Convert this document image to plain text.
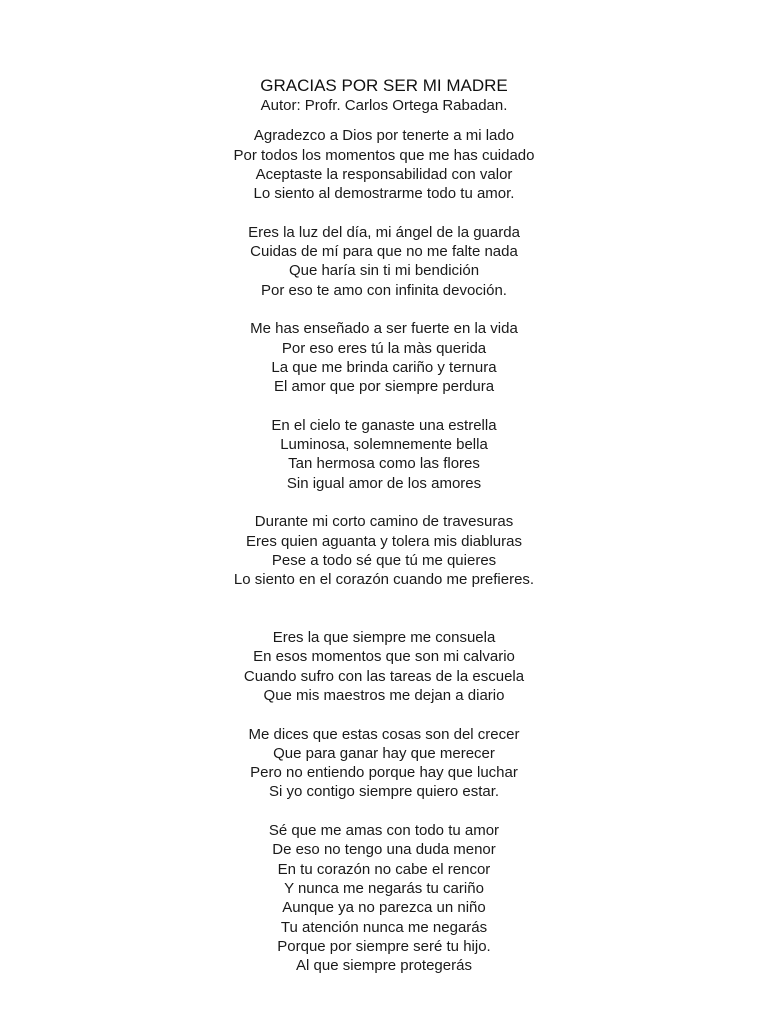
GRACIAS POR SER MI MADRE
Autor: Profr. Carlos Ortega Rabadan.
Agradezco a Dios por tenerte a mi lado
Por todos los momentos que me has cuidado
Aceptaste la responsabilidad con valor
Lo siento al demostrarme todo tu amor.
Eres la luz del día, mi ángel de la guarda
Cuidas de mí para que no me falte nada
Que haría sin ti mi bendición
Por eso te amo con infinita devoción.
Me has enseñado a ser fuerte en la vida
Por eso eres tú la màs querida
La que me brinda cariño y ternura
El amor que por siempre perdura
En el cielo te ganaste una estrella
Luminosa, solemnemente bella
Tan hermosa como las flores
Sin igual amor de los amores
Durante mi corto camino de travesuras
Eres quien aguanta y tolera mis diabluras
Pese a todo sé que tú me quieres
Lo siento en el corazón cuando me prefieres.
Eres la que siempre me consuela
En esos momentos que son mi calvario
Cuando sufro con las tareas de la escuela
Que mis maestros me dejan a diario
Me dices que estas cosas son del crecer
Que para ganar hay que merecer
Pero no entiendo porque hay que luchar
Si yo contigo siempre quiero estar.
Sé que me amas con todo tu amor
De eso no tengo una duda menor
En tu corazón no cabe el rencor
Y nunca me negarás tu cariño
Aunque ya no parezca un niño
Tu atención nunca me negarás
Porque por siempre seré tu hijo.
Al que siempre protegerás
